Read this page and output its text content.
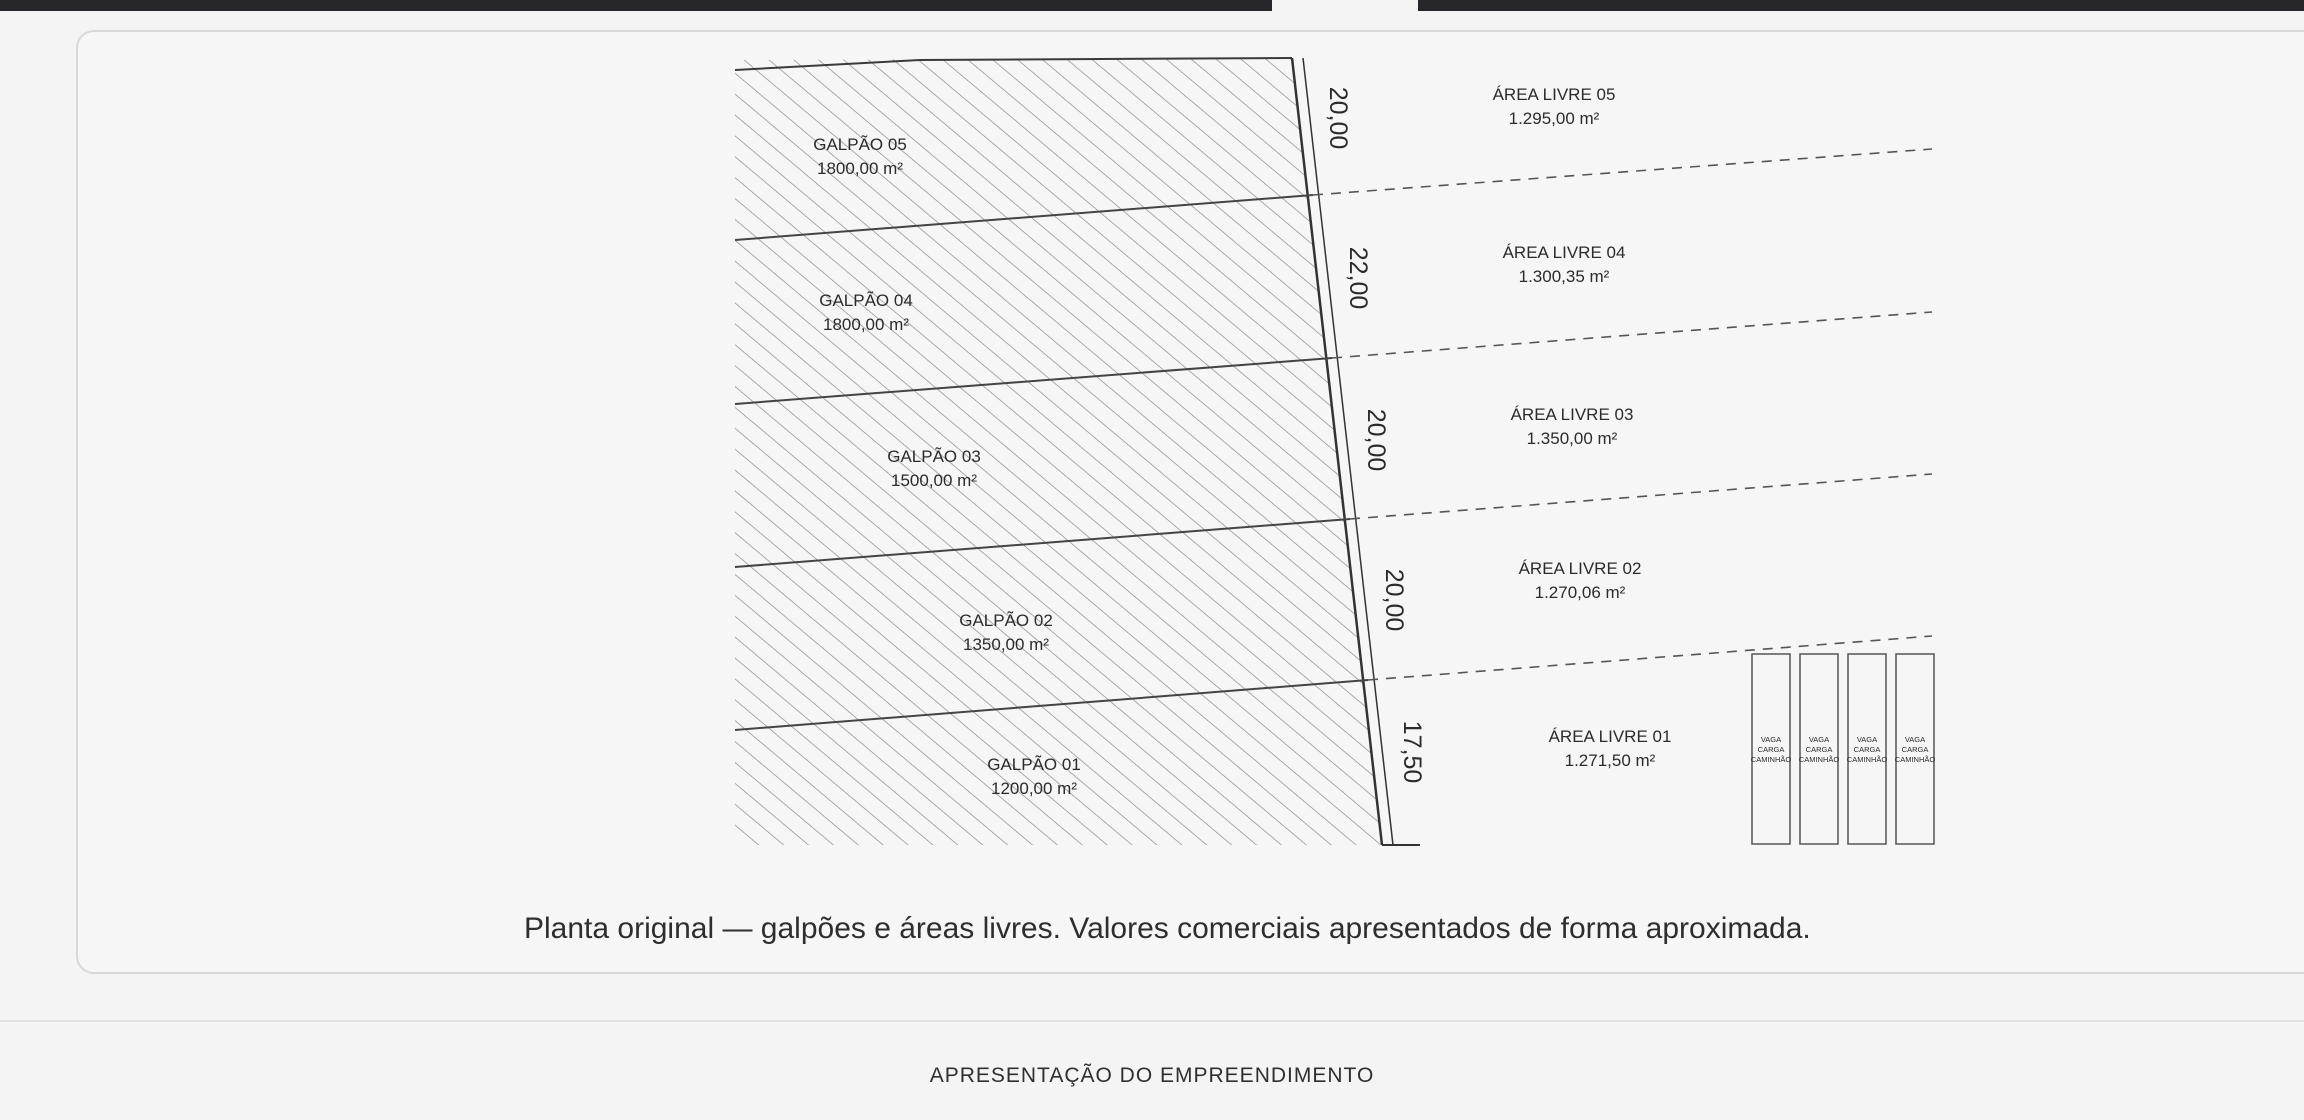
GALPÃO 05
1800,00 m²
GALPÃO 04
1800,00 m²
GALPÃO 03
1500,00 m²
GALPÃO 02
1350,00 m²
GALPÃO 01
1200,00 m²
20,00
22,00
20,00
20,00
17,50
ÁREA LIVRE 05
1.295,00 m²
ÁREA LIVRE 04
1.300,35 m²
ÁREA LIVRE 03
1.350,00 m²
ÁREA LIVRE 02
1.270,06 m²
ÁREA LIVRE 01
1.271,50 m²
VAGA
CARGA
CAMINHÃO
VAGA
CARGA
CAMINHÃO
VAGA
CARGA
CAMINHÃO
VAGA
CARGA
CAMINHÃO

Planta original — galpões e áreas livres. Valores comerciais apresentados de forma aproximada.

APRESENTAÇÃO DO EMPREENDIMENTO
